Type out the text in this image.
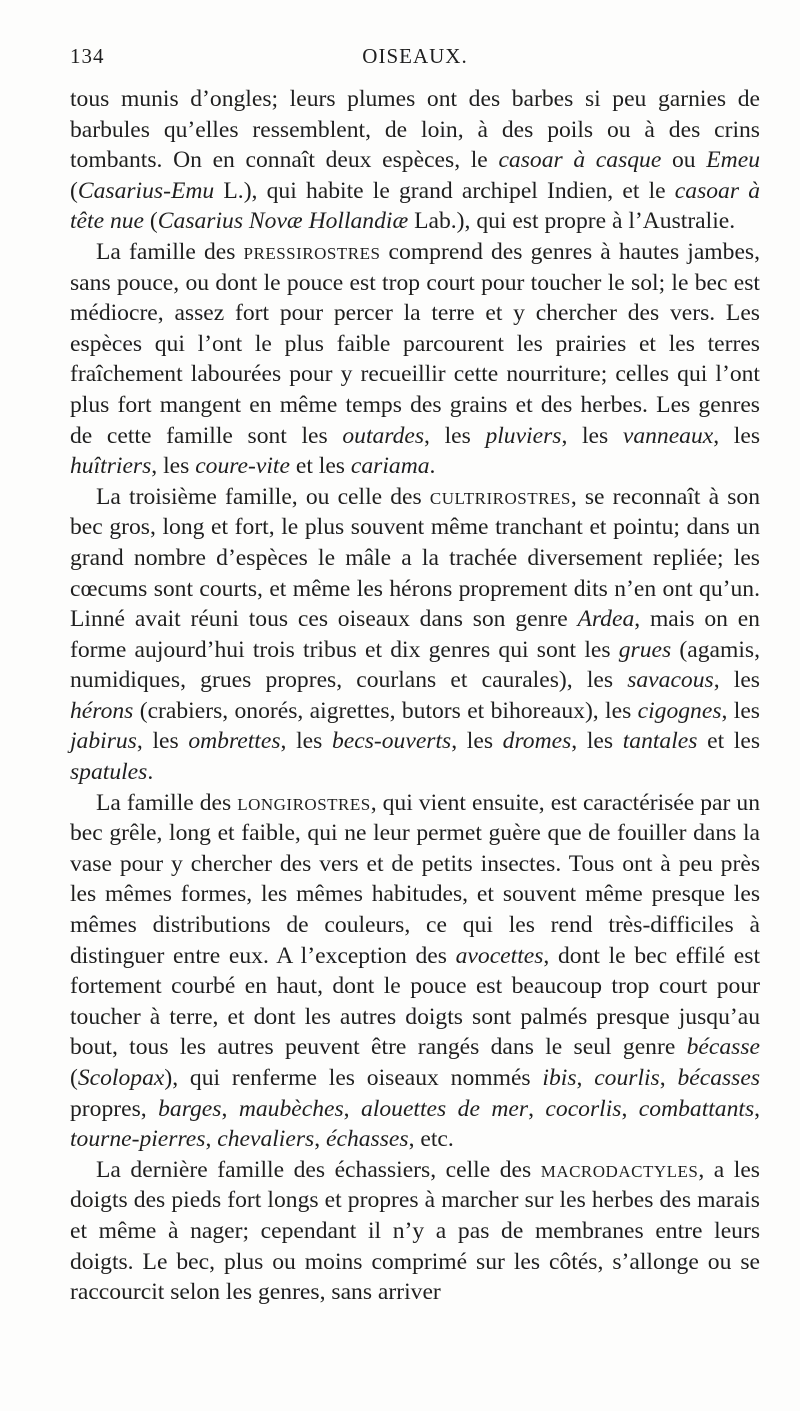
134	OISEAUX.

tous munis d’ongles; leurs plumes ont des barbes si peu garnies de barbules qu’elles ressemblent, de loin, à des poils ou à des crins tombants. On en connaît deux espèces, le casoar à casque ou Emeu (Casarius-Emu L.), qui habite le grand archipel Indien, et le casoar à tête nue (Casarius Novæ Hollandiæ Lab.), qui est propre à l’Australie.

La famille des pressirostres comprend des genres à hautes jambes, sans pouce, ou dont le pouce est trop court pour toucher le sol; le bec est médiocre, assez fort pour percer la terre et y chercher des vers. Les espèces qui l’ont le plus faible parcourent les prairies et les terres fraîchement labourées pour y recueillir cette nourriture; celles qui l’ont plus fort mangent en même temps des grains et des herbes. Les genres de cette famille sont les outardes, les pluviers, les vanneaux, les huîtriers, les coure-vite et les cariama.

La troisième famille, ou celle des cultrirostres, se reconnaît à son bec gros, long et fort, le plus souvent même tranchant et pointu; dans un grand nombre d’espèces le mâle a la trachée diversement repliée; les cœcums sont courts, et même les hérons proprement dits n’en ont qu’un. Linné avait réuni tous ces oiseaux dans son genre Ardea, mais on en forme aujourd’hui trois tribus et dix genres qui sont les grues (agamis, numidiques, grues propres, courlans et caurales), les savacous, les hérons (crabiers, onorés, aigrettes, butors et bihoreaux), les cigognes, les jabirus, les ombrettes, les becs-ouverts, les dromes, les tantales et les spatules.

La famille des longirostres, qui vient ensuite, est caractérisée par un bec grêle, long et faible, qui ne leur permet guère que de fouiller dans la vase pour y chercher des vers et de petits insectes. Tous ont à peu près les mêmes formes, les mêmes habitudes, et souvent même presque les mêmes distributions de couleurs, ce qui les rend très-difficiles à distinguer entre eux. A l’exception des avocettes, dont le bec effilé est fortement courbé en haut, dont le pouce est beaucoup trop court pour toucher à terre, et dont les autres doigts sont palmés presque jusqu’au bout, tous les autres peuvent être rangés dans le seul genre bécasse (Scolopax), qui renferme les oiseaux nommés ibis, courlis, bécasses propres, barges, maubèches, alouettes de mer, cocorlis, combattants, tourne-pierres, chevaliers, échasses, etc.

La dernière famille des échassiers, celle des macrodactyles, a les doigts des pieds fort longs et propres à marcher sur les herbes des marais et même à nager; cependant il n’y a pas de membranes entre leurs doigts. Le bec, plus ou moins comprimé sur les côtés, s’allonge ou se raccourcit selon les genres, sans arriver
